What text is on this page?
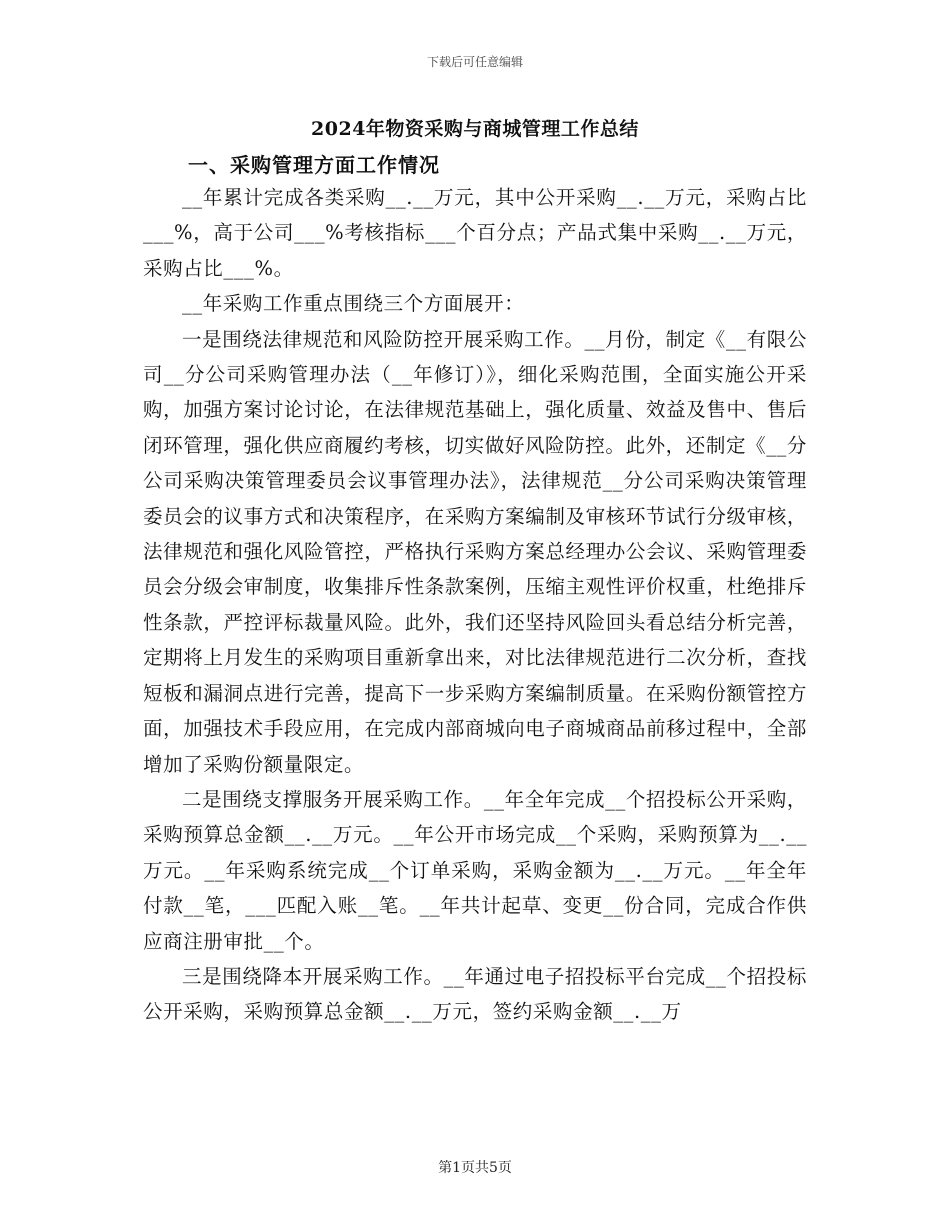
下载后可任意编辑
2024年物资采购与商城管理工作总结
一、采购管理方面工作情况

__年累计完成各类采购__.__万元，其中公开采购__.__万元，采购占比___%，高于公司___%考核指标___个百分点；产品式集中采购__.__万元，采购占比___%。

__年采购工作重点围绕三个方面展开：

一是围绕法律规范和风险防控开展采购工作。__月份，制定《__有限公司__分公司采购管理办法（__年修订）》，细化采购范围，全面实施公开采购，加强方案讨论讨论，在法律规范基础上，强化质量、效益及售中、售后闭环管理，强化供应商履约考核，切实做好风险防控。此外，还制定《__分公司采购决策管理委员会议事管理办法》，法律规范__分公司采购决策管理委员会的议事方式和决策程序，在采购方案编制及审核环节试行分级审核，法律规范和强化风险管控，严格执行采购方案总经理办公会议、采购管理委员会分级会审制度，收集排斥性条款案例，压缩主观性评价权重，杜绝排斥性条款，严控评标裁量风险。此外，我们还坚持风险回头看总结分析完善，定期将上月发生的采购项目重新拿出来，对比法律规范进行二次分析，查找短板和漏洞点进行完善，提高下一步采购方案编制质量。在采购份额管控方面，加强技术手段应用，在完成内部商城向电子商城商品前移过程中，全部增加了采购份额量限定。

二是围绕支撑服务开展采购工作。__年全年完成__个招投标公开采购，采购预算总金额__.__万元。__年公开市场完成__个采购，采购预算为__.__万元。__年采购系统完成__个订单采购，采购金额为__.__万元。__年全年付款__笔，___匹配入账__笔。__年共计起草、变更__份合同，完成合作供应商注册审批__个。

三是围绕降本开展采购工作。__年通过电子招投标平台完成__个招投标公开采购，采购预算总金额__.__万元，签约采购金额__.__万

第1页共5页
